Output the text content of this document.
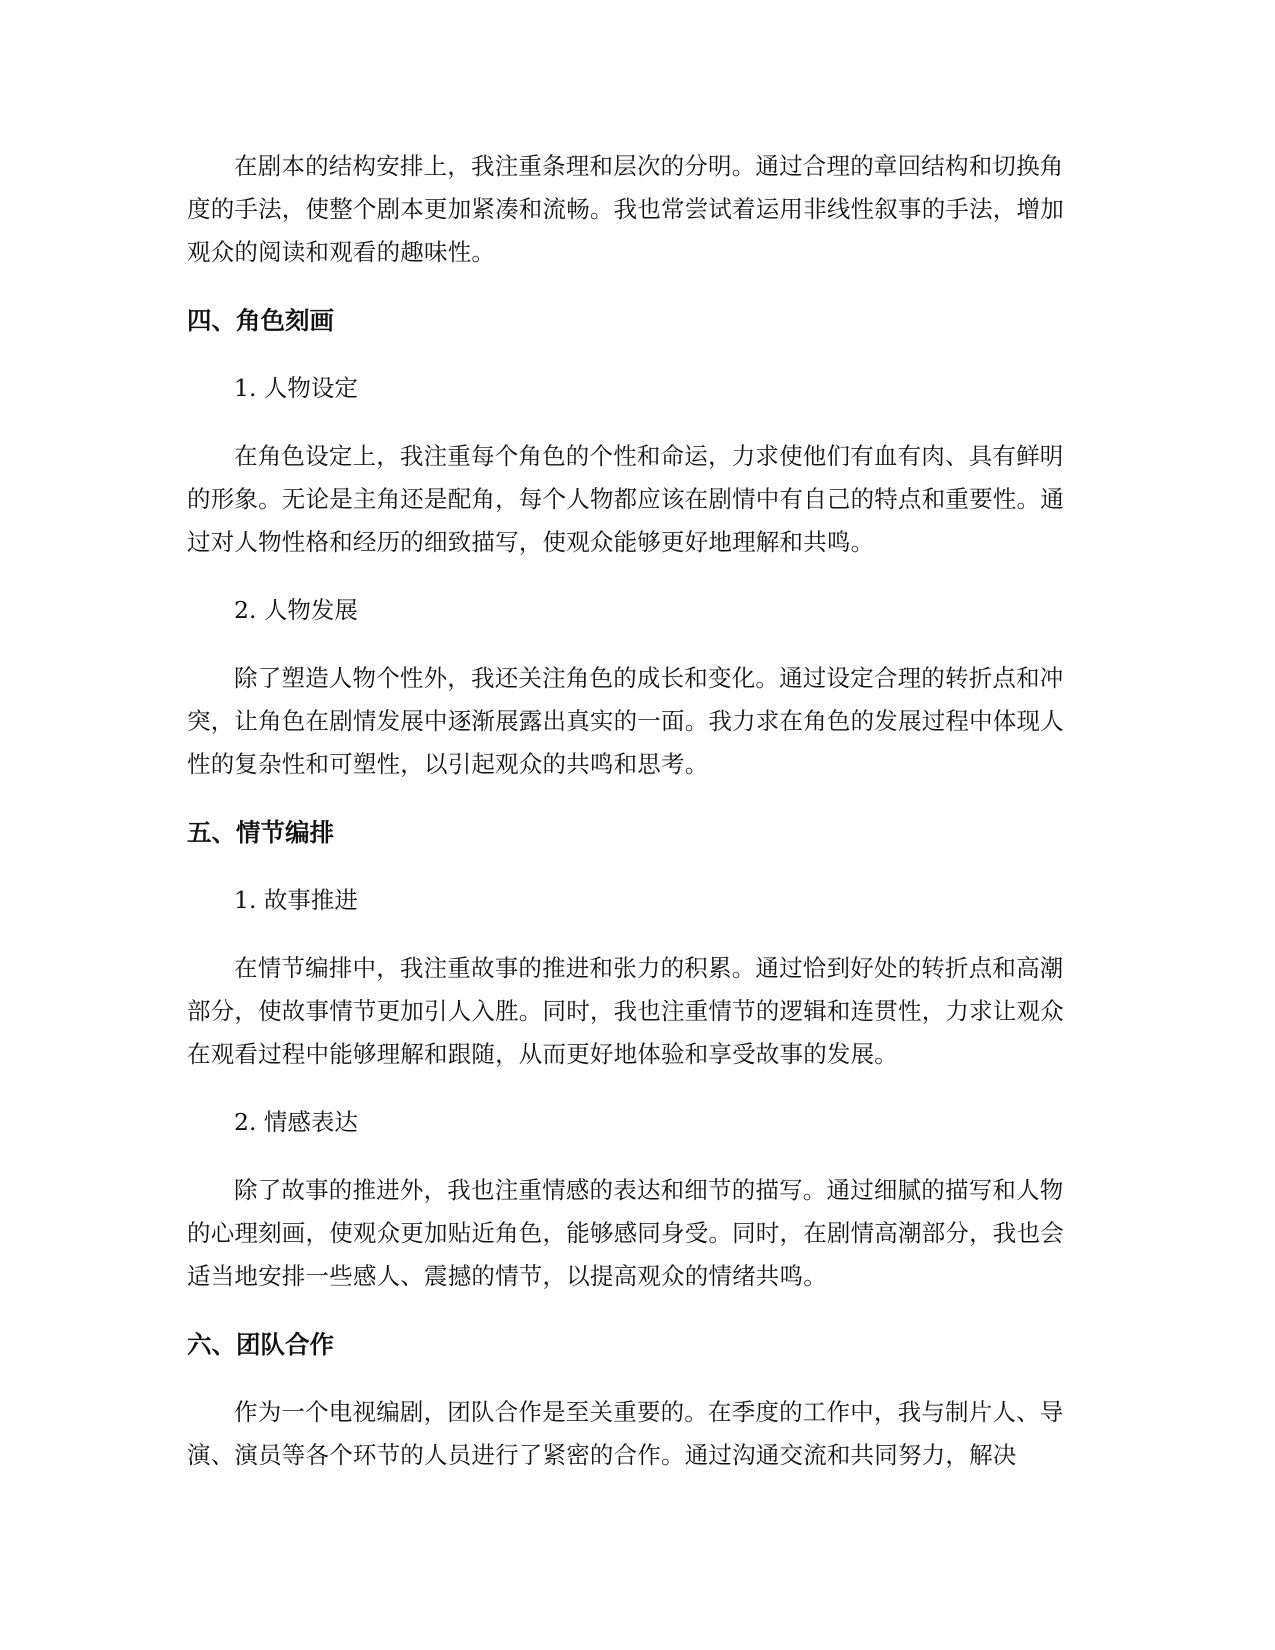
在剧本的结构安排上，我注重条理和层次的分明。通过合理的章回结构和切换角度的手法，使整个剧本更加紧凑和流畅。我也常尝试着运用非线性叙事的手法，增加观众的阅读和观看的趣味性。

四、角色刻画

1. 人物设定

在角色设定上，我注重每个角色的个性和命运，力求使他们有血有肉、具有鲜明的形象。无论是主角还是配角，每个人物都应该在剧情中有自己的特点和重要性。通过对人物性格和经历的细致描写，使观众能够更好地理解和共鸣。

2. 人物发展

除了塑造人物个性外，我还关注角色的成长和变化。通过设定合理的转折点和冲突，让角色在剧情发展中逐渐展露出真实的一面。我力求在角色的发展过程中体现人性的复杂性和可塑性，以引起观众的共鸣和思考。

五、情节编排

1. 故事推进

在情节编排中，我注重故事的推进和张力的积累。通过恰到好处的转折点和高潮部分，使故事情节更加引人入胜。同时，我也注重情节的逻辑和连贯性，力求让观众在观看过程中能够理解和跟随，从而更好地体验和享受故事的发展。

2. 情感表达

除了故事的推进外，我也注重情感的表达和细节的描写。通过细腻的描写和人物的心理刻画，使观众更加贴近角色，能够感同身受。同时，在剧情高潮部分，我也会适当地安排一些感人、震撼的情节，以提高观众的情绪共鸣。

六、团队合作

作为一个电视编剧，团队合作是至关重要的。在季度的工作中，我与制片人、导演、演员等各个环节的人员进行了紧密的合作。通过沟通交流和共同努力，解决
